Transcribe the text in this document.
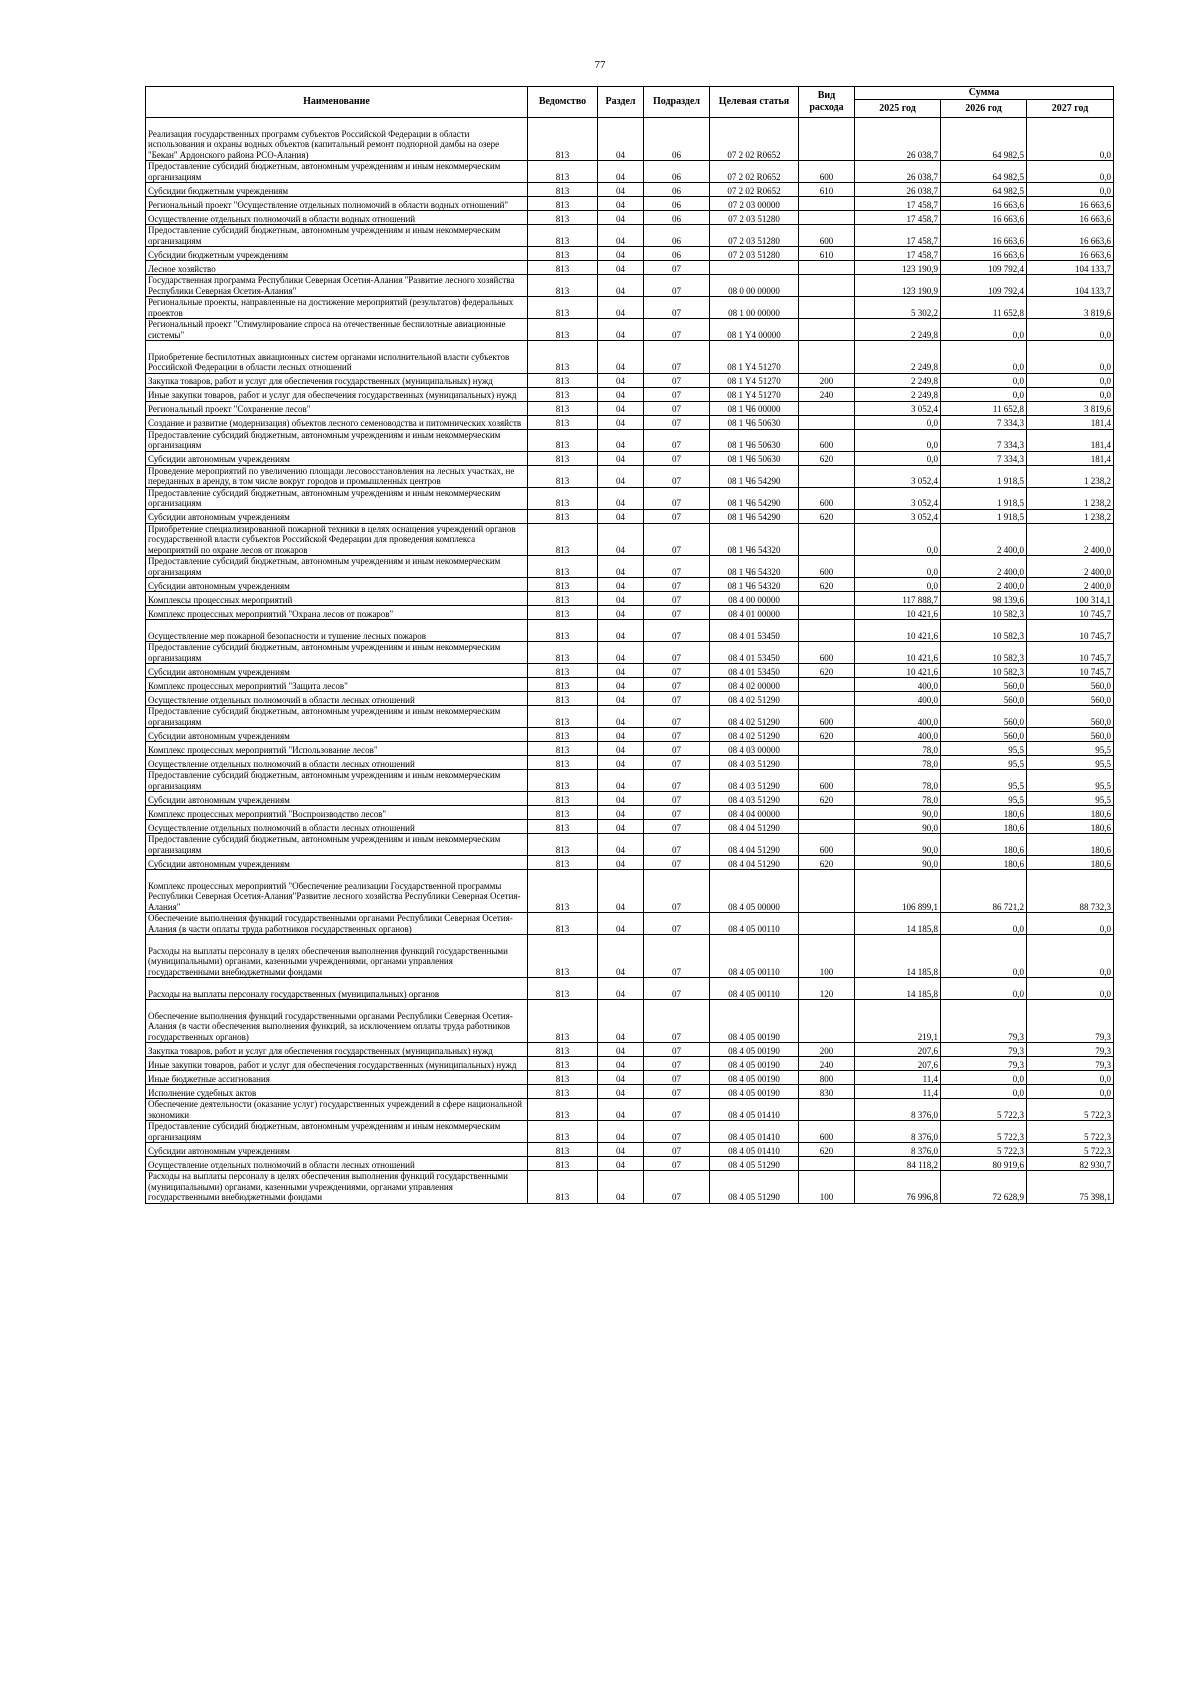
77
Наименование	Ведомство	Раздел	Подраздел	Целевая статья	Вид расхода	Сумма		
						2025 год	2026 год	2027 год

Реализация государственных программ субъектов Российской Федерации в области использования и охраны водных объектов (капитальный ремонт подпорной дамбы на озере "Бекан" Ардонского района РСО-Алания)	813	04	06	07 2 02 R0652		26 038,7	64 982,5	0,0

Предоставление субсидий бюджетным, автономным учреждениям и иным некоммерческим организациям	813	04	06	07 2 02 R0652	600	26 038,7	64 982,5	0,0

Субсидии бюджетным учреждениям	813	04	06	07 2 02 R0652	610	26 038,7	64 982,5	0,0

Региональный проект "Осуществление отдельных полномочий в области водных отношений"	813	04	06	07 2 03 00000		17 458,7	16 663,6	16 663,6

Осуществление отдельных полномочий в области водных отношений	813	04	06	07 2 03 51280		17 458,7	16 663,6	16 663,6

Предоставление субсидий бюджетным, автономным учреждениям и иным некоммерческим организациям	813	04	06	07 2 03 51280	600	17 458,7	16 663,6	16 663,6

Субсидии бюджетным учреждениям	813	04	06	07 2 03 51280	610	17 458,7	16 663,6	16 663,6

Лесное хозяйство	813	04	07			123 190,9	109 792,4	104 133,7

Государственная программа Республики Северная Осетия-Алания "Развитие лесного хозяйства Республики Северная Осетия-Алания"	813	04	07	08 0 00 00000		123 190,9	109 792,4	104 133,7

Региональные проекты, направленные на достижение мероприятий (результатов) федеральных проектов	813	04	07	08 1 00 00000		5 302,2	11 652,8	3 819,6

Региональный проект "Стимулирование спроса на отечественные беспилотные авиационные системы"	813	04	07	08 1 Y4 00000		2 249,8	0,0	0,0

Приобретение беспилотных авиационных систем органами исполнительной власти субъектов Российской Федерации в области лесных отношений	813	04	07	08 1 Y4 51270		2 249,8	0,0	0,0

Закупка товаров, работ и услуг для обеспечения государственных (муниципальных) нужд	813	04	07	08 1 Y4 51270	200	2 249,8	0,0	0,0

Иные закупки товаров, работ и услуг для обеспечения государственных (муниципальных) нужд	813	04	07	08 1 Y4 51270	240	2 249,8	0,0	0,0

Региональный проект "Сохранение лесов"	813	04	07	08 1 Ч6 00000		3 052,4	11 652,8	3 819,6

Создание и развитие (модернизация) объектов лесного семеноводства и питомнических хозяйств	813	04	07	08 1 Ч6 50630		0,0	7 334,3	181,4

Предоставление субсидий бюджетным, автономным учреждениям и иным некоммерческим организациям	813	04	07	08 1 Ч6 50630	600	0,0	7 334,3	181,4

Субсидии автономным учреждениям	813	04	07	08 1 Ч6 50630	620	0,0	7 334,3	181,4

Проведение мероприятий по увеличению площади лесовосстановления на лесных участках, не переданных в аренду, в том числе вокруг городов и промышленных центров	813	04	07	08 1 Ч6 54290		3 052,4	1 918,5	1 238,2

Предоставление субсидий бюджетным, автономным учреждениям и иным некоммерческим организациям	813	04	07	08 1 Ч6 54290	600	3 052,4	1 918,5	1 238,2

Субсидии автономным учреждениям	813	04	07	08 1 Ч6 54290	620	3 052,4	1 918,5	1 238,2

Приобретение специализированной пожарной техники в целях оснащения учреждений органов государственной власти субъектов Российской Федерации для проведения комплекса мероприятий по охране лесов от пожаров	813	04	07	08 1 Ч6 54320		0,0	2 400,0	2 400,0

Предоставление субсидий бюджетным, автономным учреждениям и иным некоммерческим организациям	813	04	07	08 1 Ч6 54320	600	0,0	2 400,0	2 400,0

Субсидии автономным учреждениям	813	04	07	08 1 Ч6 54320	620	0,0	2 400,0	2 400,0

Комплексы процессных мероприятий	813	04	07	08 4 00 00000		117 888,7	98 139,6	100 314,1

Комплекс процессных мероприятий "Охрана лесов от пожаров"	813	04	07	08 4 01 00000		10 421,6	10 582,3	10 745,7

Осуществление мер пожарной безопасности и тушение лесных пожаров	813	04	07	08 4 01 53450		10 421,6	10 582,3	10 745,7

Предоставление субсидий бюджетным, автономным учреждениям и иным некоммерческим организациям	813	04	07	08 4 01 53450	600	10 421,6	10 582,3	10 745,7

Субсидии автономным учреждениям	813	04	07	08 4 01 53450	620	10 421,6	10 582,3	10 745,7

Комплекс процессных мероприятий "Защита лесов"	813	04	07	08 4 02 00000		400,0	560,0	560,0

Осуществление отдельных полномочий в области лесных отношений	813	04	07	08 4 02 51290		400,0	560,0	560,0

Предоставление субсидий бюджетным, автономным учреждениям и иным некоммерческим организациям	813	04	07	08 4 02 51290	600	400,0	560,0	560,0

Субсидии автономным учреждениям	813	04	07	08 4 02 51290	620	400,0	560,0	560,0

Комплекс процессных мероприятий "Использование лесов"	813	04	07	08 4 03 00000		78,0	95,5	95,5

Осуществление отдельных полномочий в области лесных отношений	813	04	07	08 4 03 51290		78,0	95,5	95,5

Предоставление субсидий бюджетным, автономным учреждениям и иным некоммерческим организациям	813	04	07	08 4 03 51290	600	78,0	95,5	95,5

Субсидии автономным учреждениям	813	04	07	08 4 03 51290	620	78,0	95,5	95,5

Комплекс процессных мероприятий "Воспроизводство лесов"	813	04	07	08 4 04 00000		90,0	180,6	180,6

Осуществление отдельных полномочий в области лесных отношений	813	04	07	08 4 04 51290		90,0	180,6	180,6

Предоставление субсидий бюджетным, автономным учреждениям и иным некоммерческим организациям	813	04	07	08 4 04 51290	600	90,0	180,6	180,6

Субсидии автономным учреждениям	813	04	07	08 4 04 51290	620	90,0	180,6	180,6

Комплекс процессных мероприятий "Обеспечение реализации Государственной программы Республики Северная Осетия-Алания"Развитие лесного хозяйства Республики Северная Осетия-Алания"	813	04	07	08 4 05 00000		106 899,1	86 721,2	88 732,3

Обеспечение выполнения функций государственными органами Республики Северная Осетия-Алания (в части оплаты труда работников государственных органов)	813	04	07	08 4 05 00110		14 185,8	0,0	0,0

Расходы на выплаты персоналу в целях обеспечения выполнения функций государственными (муниципальными) органами, казенными учреждениями, органами управления государственными внебюджетными фондами	813	04	07	08 4 05 00110	100	14 185,8	0,0	0,0

Расходы на выплаты персоналу государственных (муниципальных) органов	813	04	07	08 4 05 00110	120	14 185,8	0,0	0,0

Обеспечение выполнения функций государственными органами Республики Северная Осетия-Алания (в части обеспечения выполнения функций, за исключением оплаты труда работников государственных органов)	813	04	07	08 4 05 00190		219,1	79,3	79,3

Закупка товаров, работ и услуг для обеспечения государственных (муниципальных) нужд	813	04	07	08 4 05 00190	200	207,6	79,3	79,3

Иные закупки товаров, работ и услуг для обеспечения государственных (муниципальных) нужд	813	04	07	08 4 05 00190	240	207,6	79,3	79,3

Иные бюджетные ассигнования	813	04	07	08 4 05 00190	800	11,4	0,0	0,0

Исполнение судебных актов	813	04	07	08 4 05 00190	830	11,4	0,0	0,0

Обеспечение деятельности (оказание услуг) государственных учреждений в сфере национальной экономики	813	04	07	08 4 05 01410		8 376,0	5 722,3	5 722,3

Предоставление субсидий бюджетным, автономным учреждениям и иным некоммерческим организациям	813	04	07	08 4 05 01410	600	8 376,0	5 722,3	5 722,3

Субсидии автономным учреждениям	813	04	07	08 4 05 01410	620	8 376,0	5 722,3	5 722,3

Осуществление отдельных полномочий в области лесных отношений	813	04	07	08 4 05 51290		84 118,2	80 919,6	82 930,7

Расходы на выплаты персоналу в целях обеспечения выполнения функций государственными (муниципальными) органами, казенными учреждениями, органами управления государственными внебюджетными фондами	813	04	07	08 4 05 51290	100	76 996,8	72 628,9	75 398,1
